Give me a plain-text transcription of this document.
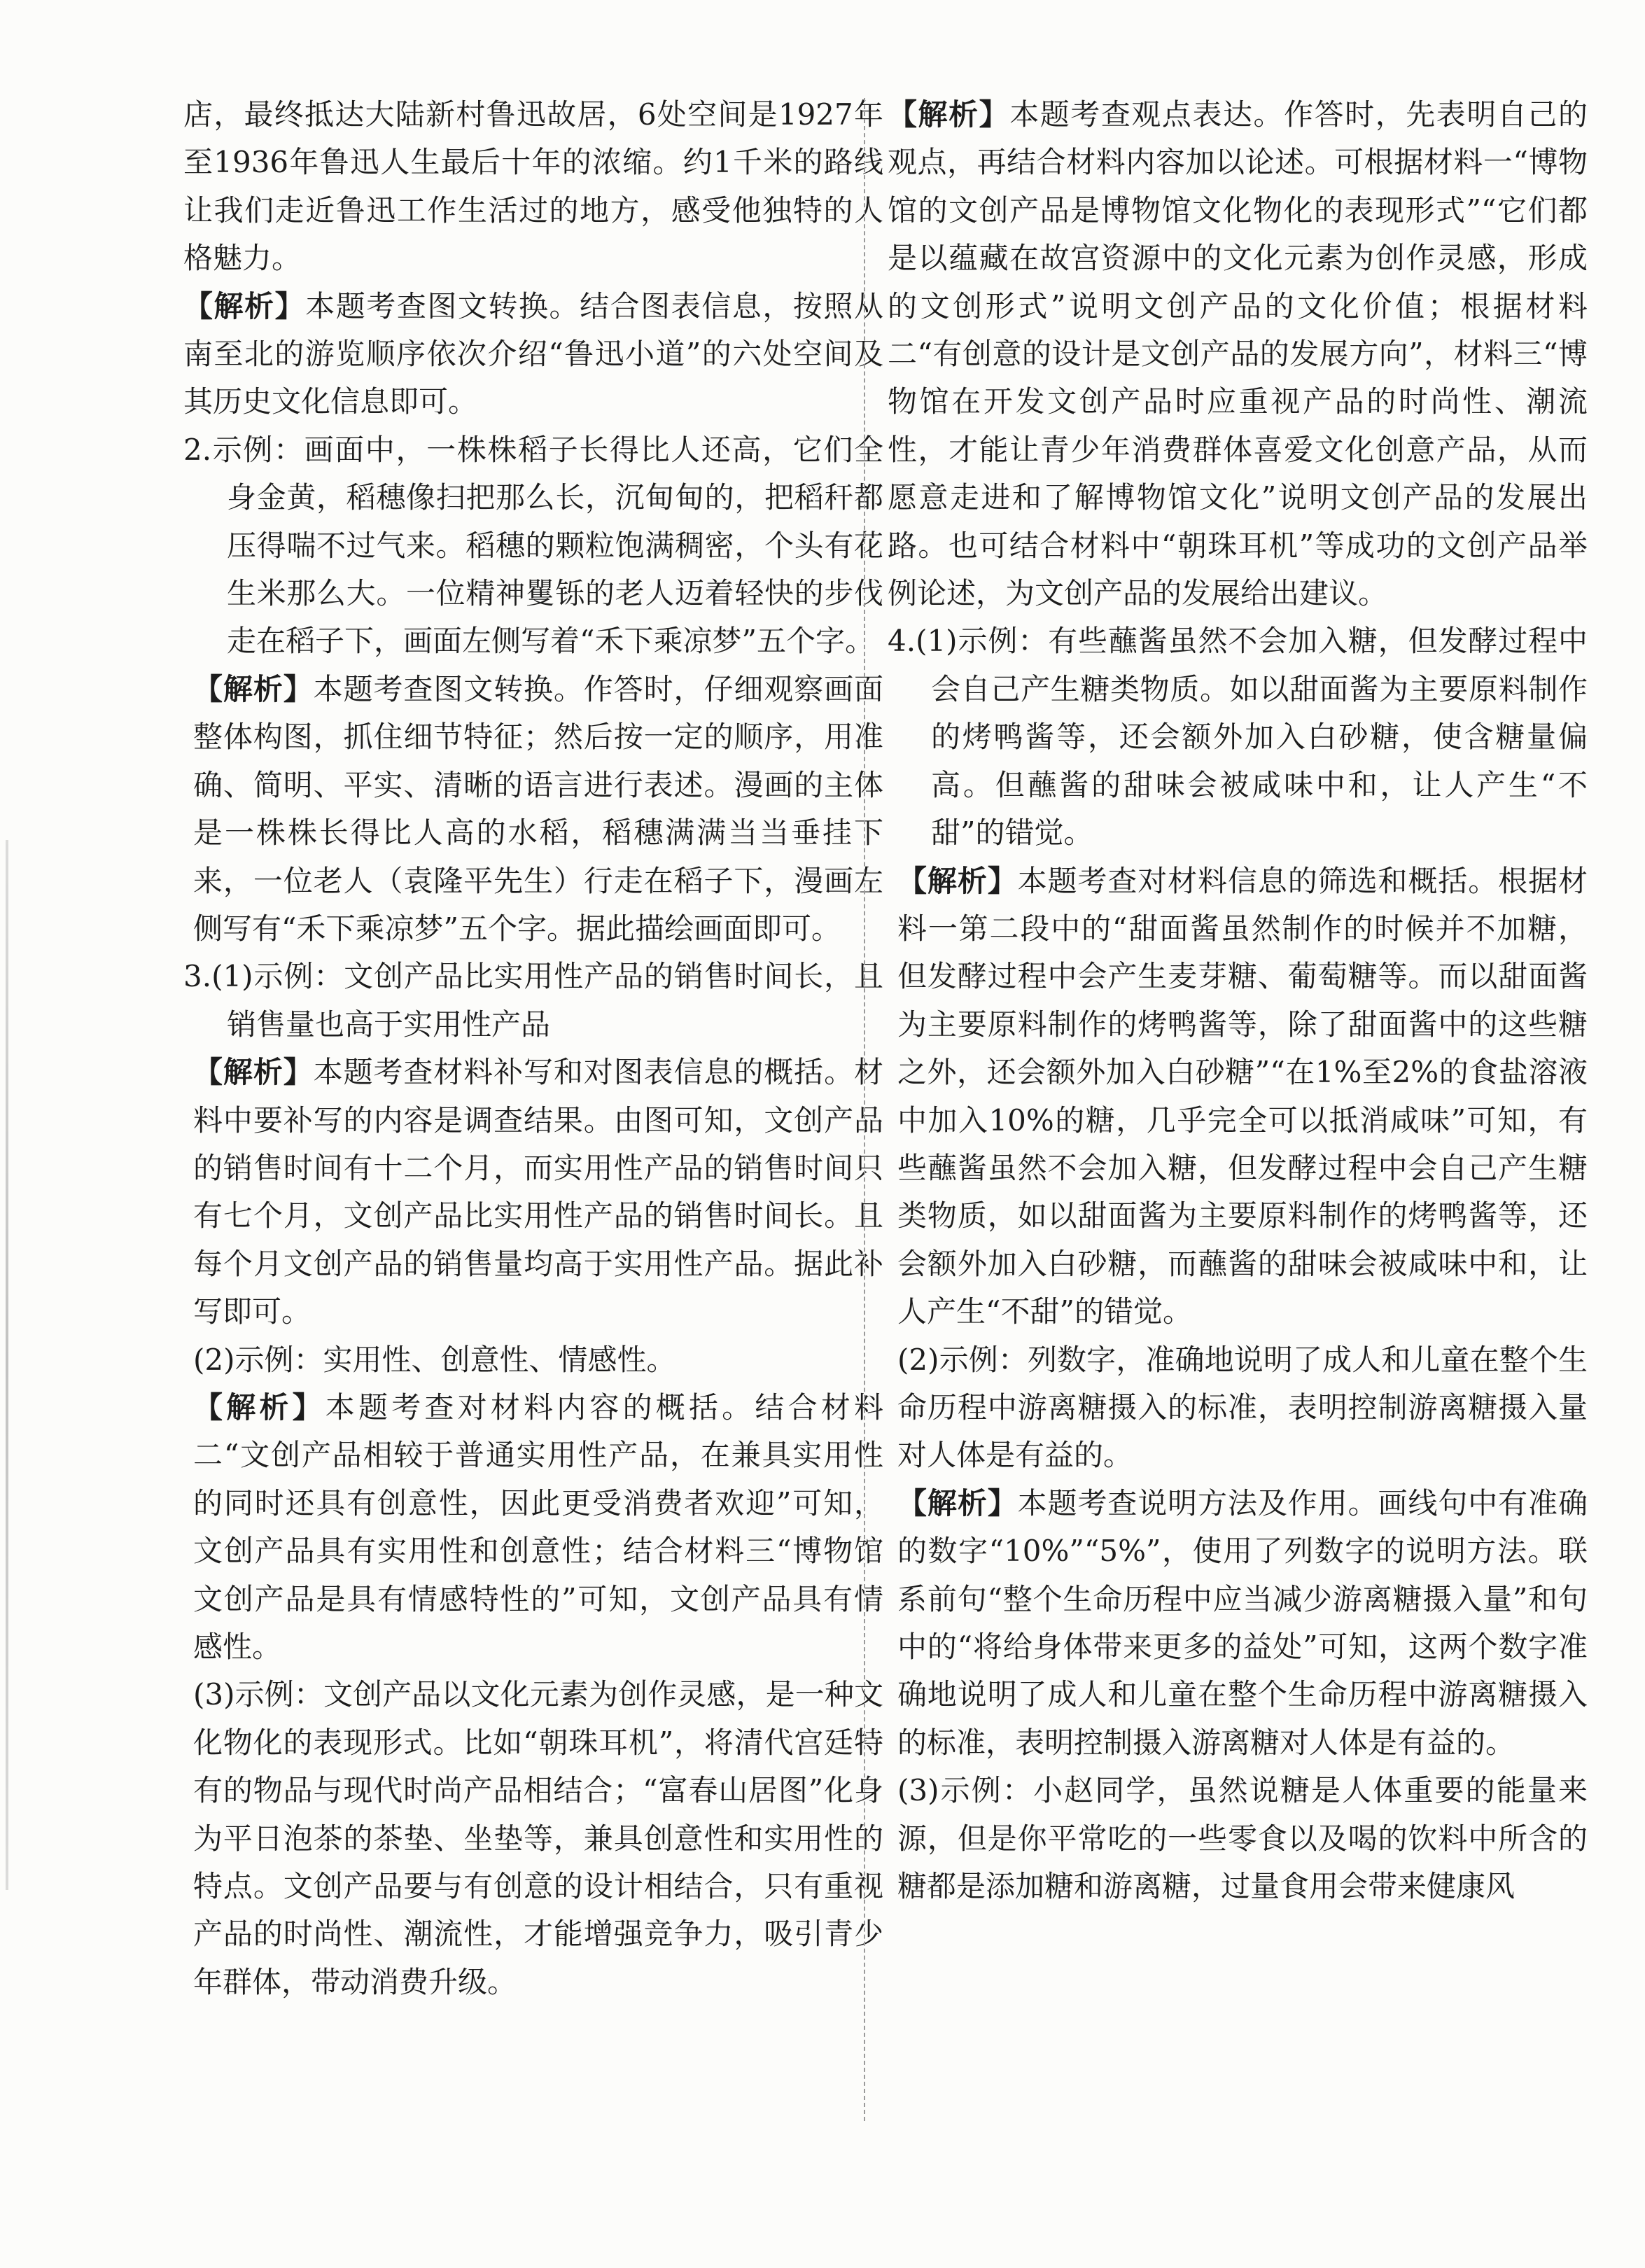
店，最终抵达大陆新村鲁迅故居，6处空间是1927年至1936年鲁迅人生最后十年的浓缩。约1千米的路线让我们走近鲁迅工作生活过的地方，感受他独特的人格魅力。

【解析】本题考查图文转换。结合图表信息，按照从南至北的游览顺序依次介绍“鲁迅小道”的六处空间及其历史文化信息即可。

2.示例：画面中，一株株稻子长得比人还高，它们全身金黄，稻穗像扫把那么长，沉甸甸的，把稻秆都压得喘不过气来。稻穗的颗粒饱满稠密，个头有花生米那么大。一位精神矍铄的老人迈着轻快的步伐走在稻子下，画面左侧写着“禾下乘凉梦”五个字。

【解析】本题考查图文转换。作答时，仔细观察画面整体构图，抓住细节特征；然后按一定的顺序，用准确、简明、平实、清晰的语言进行表述。漫画的主体是一株株长得比人高的水稻，稻穗满满当当垂挂下来，一位老人（袁隆平先生）行走在稻子下，漫画左侧写有“禾下乘凉梦”五个字。据此描绘画面即可。

3.(1)示例：文创产品比实用性产品的销售时间长，且销售量也高于实用性产品

【解析】本题考查材料补写和对图表信息的概括。材料中要补写的内容是调查结果。由图可知，文创产品的销售时间有十二个月，而实用性产品的销售时间只有七个月，文创产品比实用性产品的销售时间长。且每个月文创产品的销售量均高于实用性产品。据此补写即可。

(2)示例：实用性、创意性、情感性。

【解析】本题考查对材料内容的概括。结合材料二“文创产品相较于普通实用性产品，在兼具实用性的同时还具有创意性，因此更受消费者欢迎”可知，文创产品具有实用性和创意性；结合材料三“博物馆文创产品是具有情感特性的”可知，文创产品具有情感性。

(3)示例：文创产品以文化元素为创作灵感，是一种文化物化的表现形式。比如“朝珠耳机”，将清代宫廷特有的物品与现代时尚产品相结合；“富春山居图”化身为平日泡茶的茶垫、坐垫等，兼具创意性和实用性的特点。文创产品要与有创意的设计相结合，只有重视产品的时尚性、潮流性，才能增强竞争力，吸引青少年群体，带动消费升级。

【解析】本题考查观点表达。作答时，先表明自己的观点，再结合材料内容加以论述。可根据材料一“博物馆的文创产品是博物馆文化物化的表现形式”“它们都是以蕴藏在故宫资源中的文化元素为创作灵感，形成的文创形式”说明文创产品的文化价值；根据材料二“有创意的设计是文创产品的发展方向”，材料三“博物馆在开发文创产品时应重视产品的时尚性、潮流性，才能让青少年消费群体喜爱文化创意产品，从而愿意走进和了解博物馆文化”说明文创产品的发展出路。也可结合材料中“朝珠耳机”等成功的文创产品举例论述，为文创产品的发展给出建议。

4.(1)示例：有些蘸酱虽然不会加入糖，但发酵过程中会自己产生糖类物质。如以甜面酱为主要原料制作的烤鸭酱等，还会额外加入白砂糖，使含糖量偏高。但蘸酱的甜味会被咸味中和，让人产生“不甜”的错觉。

【解析】本题考查对材料信息的筛选和概括。根据材料一第二段中的“甜面酱虽然制作的时候并不加糖，但发酵过程中会产生麦芽糖、葡萄糖等。而以甜面酱为主要原料制作的烤鸭酱等，除了甜面酱中的这些糖之外，还会额外加入白砂糖”“在1%至2%的食盐溶液中加入10%的糖，几乎完全可以抵消咸味”可知，有些蘸酱虽然不会加入糖，但发酵过程中会自己产生糖类物质，如以甜面酱为主要原料制作的烤鸭酱等，还会额外加入白砂糖，而蘸酱的甜味会被咸味中和，让人产生“不甜”的错觉。

(2)示例：列数字，准确地说明了成人和儿童在整个生命历程中游离糖摄入的标准，表明控制游离糖摄入量对人体是有益的。

【解析】本题考查说明方法及作用。画线句中有准确的数字“10%”“5%”，使用了列数字的说明方法。联系前句“整个生命历程中应当减少游离糖摄入量”和句中的“将给身体带来更多的益处”可知，这两个数字准确地说明了成人和儿童在整个生命历程中游离糖摄入的标准，表明控制摄入游离糖对人体是有益的。

(3)示例：小赵同学，虽然说糖是人体重要的能量来源，但是你平常吃的一些零食以及喝的饮料中所含的糖都是添加糖和游离糖，过量食用会带来健康风
